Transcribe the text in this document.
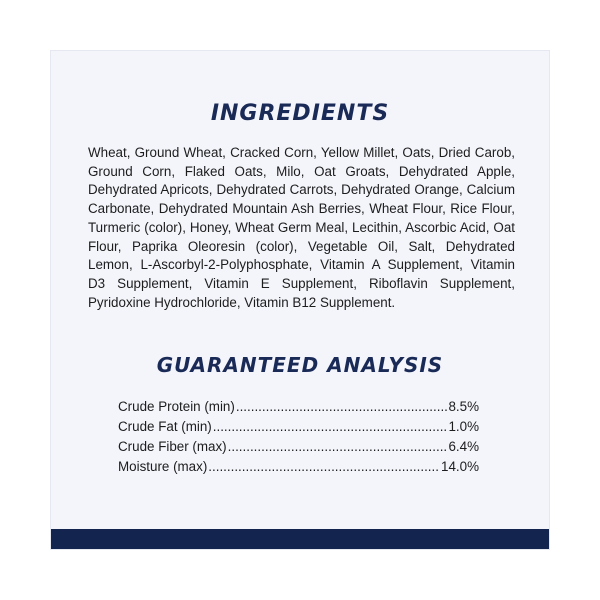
INGREDIENTS

Wheat, Ground Wheat, Cracked Corn, Yellow Millet, Oats, Dried Carob, Ground Corn, Flaked Oats, Milo, Oat Groats, Dehydrated Apple, Dehydrated Apricots, Dehydrated Carrots, Dehydrated Orange, Calcium Carbonate, Dehydrated Mountain Ash Berries, Wheat Flour, Rice Flour, Turmeric (color), Honey, Wheat Germ Meal, Lecithin, Ascorbic Acid, Oat Flour, Paprika Oleoresin (color), Vegetable Oil, Salt, Dehydrated Lemon, L-Ascorbyl-2-Polyphosphate, Vitamin A Supplement, Vitamin D3 Supplement, Vitamin E Supplement, Riboflavin Supplement, Pyridoxine Hydrochloride, Vitamin B12 Supplement.

GUARANTEED ANALYSIS
Crude Protein (min) .....	8.5%
Crude Fat (min) .....	1.0%
Crude Fiber (max) .....	6.4%
Moisture (max) .....	14.0%
